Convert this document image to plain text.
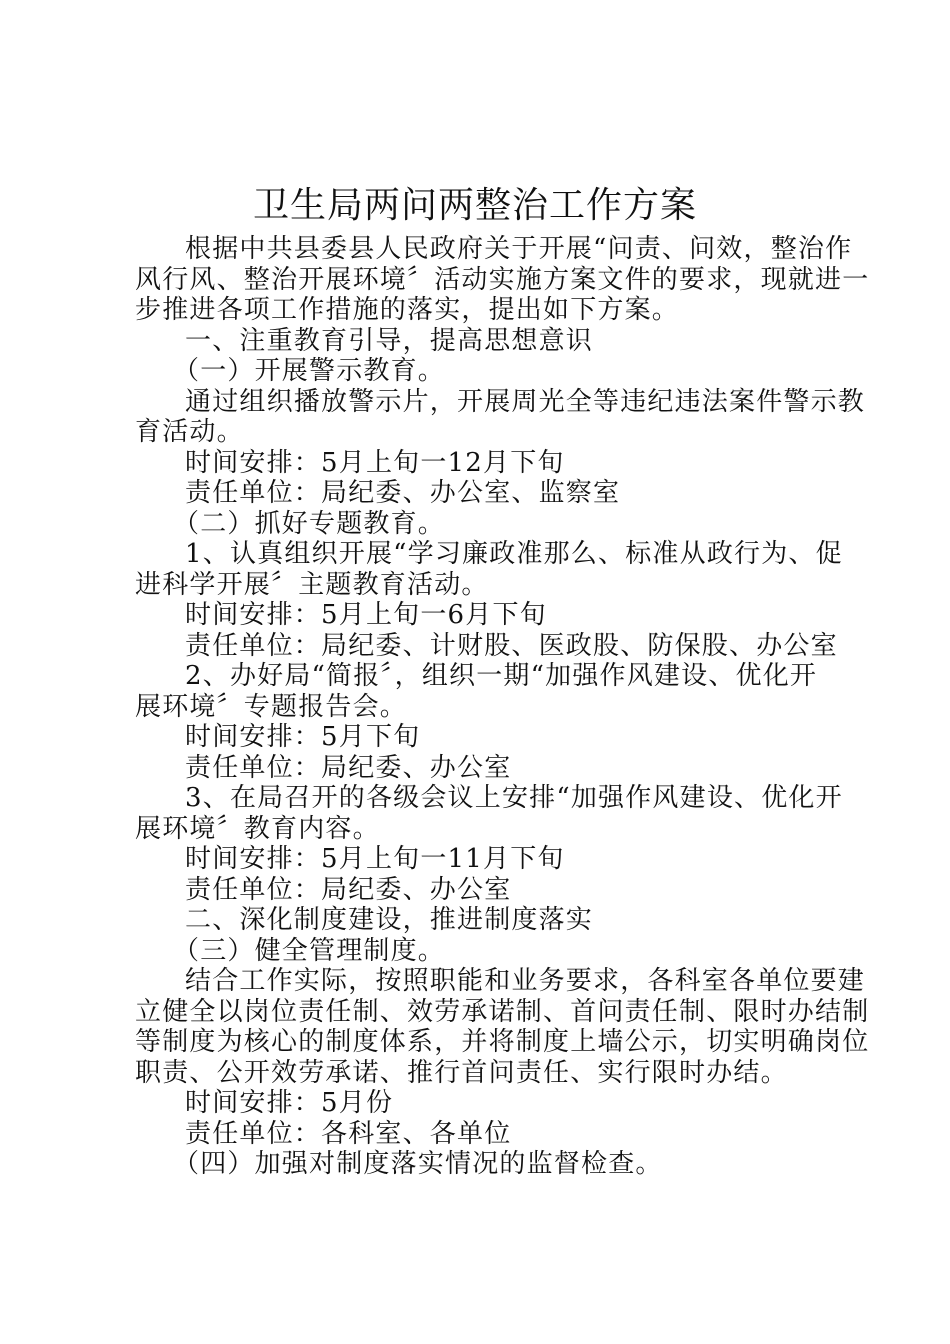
卫生局两问两整治工作方案

根据中共县委县人民政府关于开展“问责、问效，整治作

风行风、整治开展环境〞活动实施方案文件的要求，现就进一

步推进各项工作措施的落实，提出如下方案。

一、注重教育引导，提高思想意识

（一）开展警示教育。

通过组织播放警示片，开展周光全等违纪违法案件警示教

育活动。

时间安排：5月上旬一12月下旬

责任单位：局纪委、办公室、监察室

（二）抓好专题教育。

1、认真组织开展“学习廉政准那么、标准从政行为、促

进科学开展〞主题教育活动。

时间安排：5月上旬一6月下旬

责任单位：局纪委、计财股、医政股、防保股、办公室

2、办好局“简报〞，组织一期“加强作风建设、优化开

展环境〞专题报告会。

时间安排：5月下旬

责任单位：局纪委、办公室

3、在局召开的各级会议上安排“加强作风建设、优化开

展环境〞教育内容。

时间安排：5月上旬一11月下旬

责任单位：局纪委、办公室

二、深化制度建设，推进制度落实

（三）健全管理制度。

结合工作实际，按照职能和业务要求，各科室各单位要建

立健全以岗位责任制、效劳承诺制、首问责任制、限时办结制

等制度为核心的制度体系，并将制度上墙公示，切实明确岗位

职责、公开效劳承诺、推行首问责任、实行限时办结。

时间安排：5月份

责任单位：各科室、各单位

（四）加强对制度落实情况的监督检查。
